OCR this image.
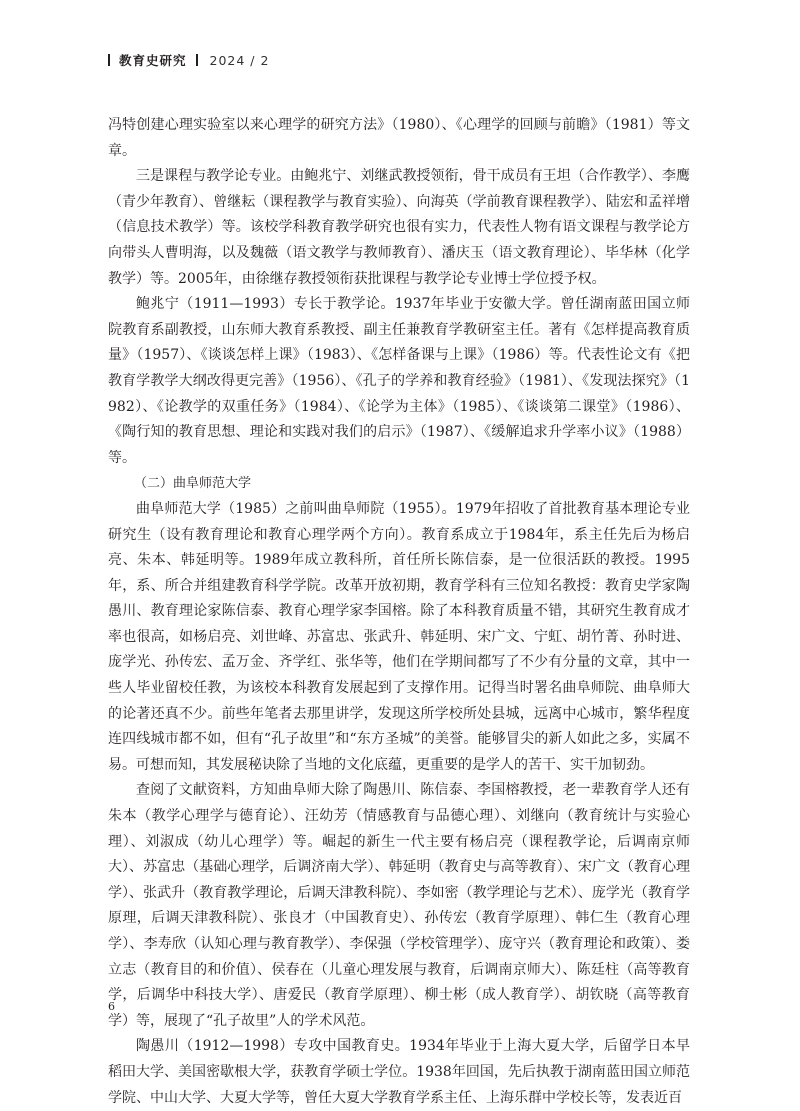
教育史研究 2024 / 2

冯特创建心理实验室以来心理学的研究方法》（1980）、《心理学的回顾与前瞻》（1981）等文章。

三是课程与教学论专业。由鲍兆宁、刘继武教授领衔，骨干成员有王坦（合作教学）、李鹰（青少年教育）、曾继耘（课程教学与教育实验）、向海英（学前教育课程教学）、陆宏和孟祥增（信息技术教学）等。该校学科教育教学研究也很有实力，代表性人物有语文课程与教学论方向带头人曹明海，以及魏薇（语文教学与教师教育）、潘庆玉（语文教育理论）、毕华林（化学教学）等。2005年，由徐继存教授领衔获批课程与教学论专业博士学位授予权。

鲍兆宁（1911—1993）专长于教学论。1937年毕业于安徽大学。曾任湖南蓝田国立师院教育系副教授，山东师大教育系教授、副主任兼教育学教研室主任。著有《怎样提高教育质量》（1957）、《谈谈怎样上课》（1983）、《怎样备课与上课》（1986）等。代表性论文有《把教育学教学大纲改得更完善》（1956）、《孔子的学养和教育经验》（1981）、《发现法探究》（1982）、《论教学的双重任务》（1984）、《论学为主体》（1985）、《谈谈第二课堂》（1986）、《陶行知的教育思想、理论和实践对我们的启示》（1987）、《缓解追求升学率小议》（1988）等。

（二）曲阜师范大学

曲阜师范大学（1985）之前叫曲阜师院（1955）。1979年招收了首批教育基本理论专业研究生（设有教育理论和教育心理学两个方向）。教育系成立于1984年，系主任先后为杨启亮、朱本、韩延明等。1989年成立教科所，首任所长陈信泰，是一位很活跃的教授。1995年，系、所合并组建教育科学学院。改革开放初期，教育学科有三位知名教授：教育史学家陶愚川、教育理论家陈信泰、教育心理学家李国榕。除了本科教育质量不错，其研究生教育成才率也很高，如杨启亮、刘世峰、苏富忠、张武升、韩延明、宋广文、宁虹、胡竹菁、孙时进、庞学光、孙传宏、孟万金、齐学红、张华等，他们在学期间都写了不少有分量的文章，其中一些人毕业留校任教，为该校本科教育发展起到了支撑作用。记得当时署名曲阜师院、曲阜师大的论著还真不少。前些年笔者去那里讲学，发现这所学校所处县城，远离中心城市，繁华程度连四线城市都不如，但有“孔子故里”和“东方圣城”的美誉。能够冒尖的新人如此之多，实属不易。可想而知，其发展秘诀除了当地的文化底蕴，更重要的是学人的苦干、实干加韧劲。

查阅了文献资料，方知曲阜师大除了陶愚川、陈信泰、李国榕教授，老一辈教育学人还有朱本（教学心理学与德育论）、汪幼芳（情感教育与品德心理）、刘继向（教育统计与实验心理）、刘淑成（幼儿心理学）等。崛起的新生一代主要有杨启亮（课程教学论，后调南京师大）、苏富忠（基础心理学，后调济南大学）、韩延明（教育史与高等教育）、宋广文（教育心理学）、张武升（教育教学理论，后调天津教科院）、李如密（教学理论与艺术）、庞学光（教育学原理，后调天津教科院）、张良才（中国教育史）、孙传宏（教育学原理）、韩仁生（教育心理学）、李寿欣（认知心理与教育教学）、李保强（学校管理学）、庞守兴（教育理论和政策）、娄立志（教育目的和价值）、侯春在（儿童心理发展与教育，后调南京师大）、陈廷柱（高等教育学，后调华中科技大学）、唐爱民（教育学原理）、柳士彬（成人教育学）、胡钦晓（高等教育学）等，展现了“孔子故里”人的学术风范。

陶愚川（1912—1998）专攻中国教育史。1934年毕业于上海大夏大学，后留学日本早稻田大学、美国密歇根大学，获教育学硕士学位。1938年回国，先后执教于湖南蓝田国立师范学院、中山大学、大夏大学等，曾任大夏大学教育学系主任、上海乐群中学校长等，发表近百

6
